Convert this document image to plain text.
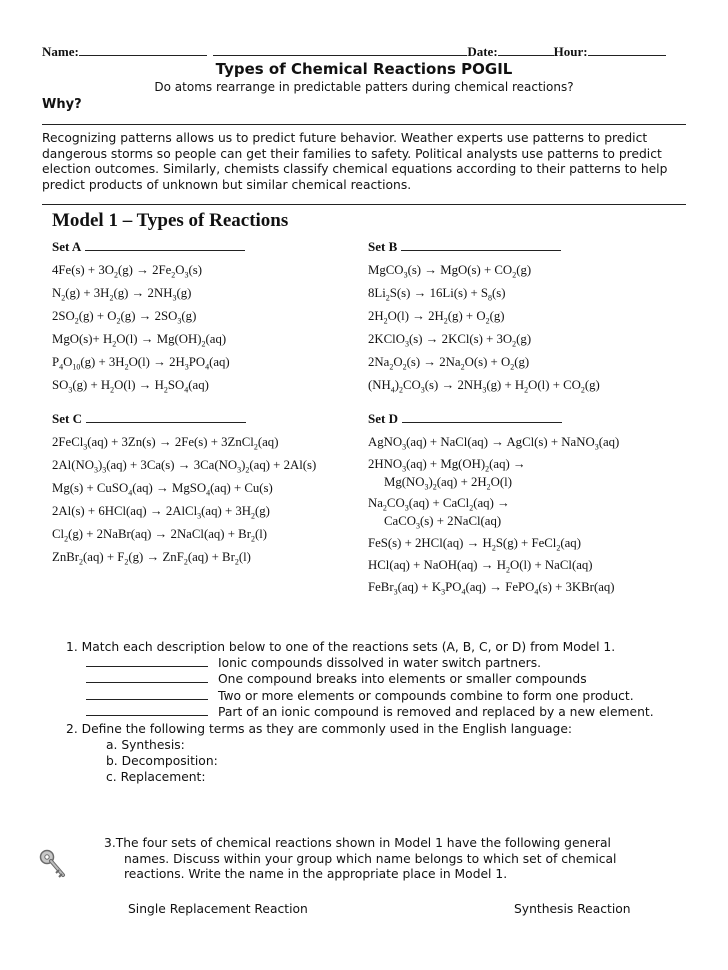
Name:	Date:	Hour:
Types of Chemical Reactions POGIL
Do atoms rearrange in predictable patters during chemical reactions?
Why?
Recognizing patterns allows us to predict future behavior. Weather experts use patterns to predict dangerous storms so people can get their families to safety. Political analysts use patterns to predict election outcomes. Similarly, chemists classify chemical equations according to their patterns to help predict products of unknown but similar chemical reactions.
Model 1 – Types of Reactions
Set A	Set B
Set C	Set D
$4Fe(s) + 3O_2(g) \to 2Fe_2O_3(s)$
$N_2(g) + 3H_2(g) \to 2NH_3(g)$
$2SO_2(g) + O_2(g) \to 2SO_3(g)$
$MgO(s)+ H_2O(l) \to Mg(OH)_2(aq)$
$P_4O_{10}(g) + 3H_2O(l) \to 2H_3PO_4(aq)$
$SO_3(g) + H_2O(l) \to H_2SO_4(aq)$
MgCO$_3$(s) → $MgO(s) + CO_2(g)$
$8Li_2S(s) \to 16Li(s) + S_8(s)$
$2H_2O(l) \to 2H_2(g) + O_2(g)$
2KClO$_3$(s) → $2KCl(s) + 3O_2(g)$
$2Na_2O_2(s) \to 2Na_2O(s) + O_2(g)$
$(NH_4)_2CO_3(s) \to 2NH_3(g) + H_2O(l) + CO_2(g)$
2FeCl$_3$(aq) + 3Zn(s) → 2Fe(s) + 3ZnCl$_2$(aq)
$2Al(NO_3)_3(aq) + 3Ca(s) \to 3Ca(NO_3)_2(aq) + 2Al(s)$
Mg(s) + CuSO$_4$(aq) → MgSO$_4$(aq) + Cu(s)
2Al(s) + 6HCl(aq) → 2AlCl$_3$(aq) + $3H_2(g)$
$Cl_2(g)$ + 2NaBr(aq) → 2NaCl(aq) + $Br_2(l)$
ZnBr$_2$(aq) + $F_2(g) \to ZnF_2(aq) + Br_2(l)$
AgNO$_3$(aq) + NaCl(aq) → AgCl(s) + NaNO$_3$(aq)
$2HNO_3(aq) + Mg(OH)_2(aq)$ →
$Mg(NO_3)_2(aq) + 2H_2O(l)$
$Na_2CO_3(aq)$ + CaCl$_2$(aq) →
CaCO$_3$(s) + 2NaCl(aq)
$FeS(s) + 2HCl(aq) \to H_2S(g)$ + FeCl$_2$(aq)
HCl(aq) + NaOH(aq) → $H_2O(l)$ + NaCl(aq)
FeBr$_3$(aq) + $K_3PO_4(aq)$ → FePO$_4$(s) + 3KBr(aq)
1. Match each description below to one of the reactions sets (A, B, C, or D) from Model 1.
Ionic compounds dissolved in water switch partners.
One compound breaks into elements or smaller compounds
Two or more elements or compounds combine to form one product.
Part of an ionic compound is removed and replaced by a new element.
2. Define the following terms as they are commonly used in the English language:
a. Synthesis:
b. Decomposition:
c. Replacement:
3.The four sets of chemical reactions shown in Model 1 have the following general
names. Discuss within your group which name belongs to which set of chemical
reactions. Write the name in the appropriate place in Model 1.
Single Replacement Reaction	Synthesis Reaction
